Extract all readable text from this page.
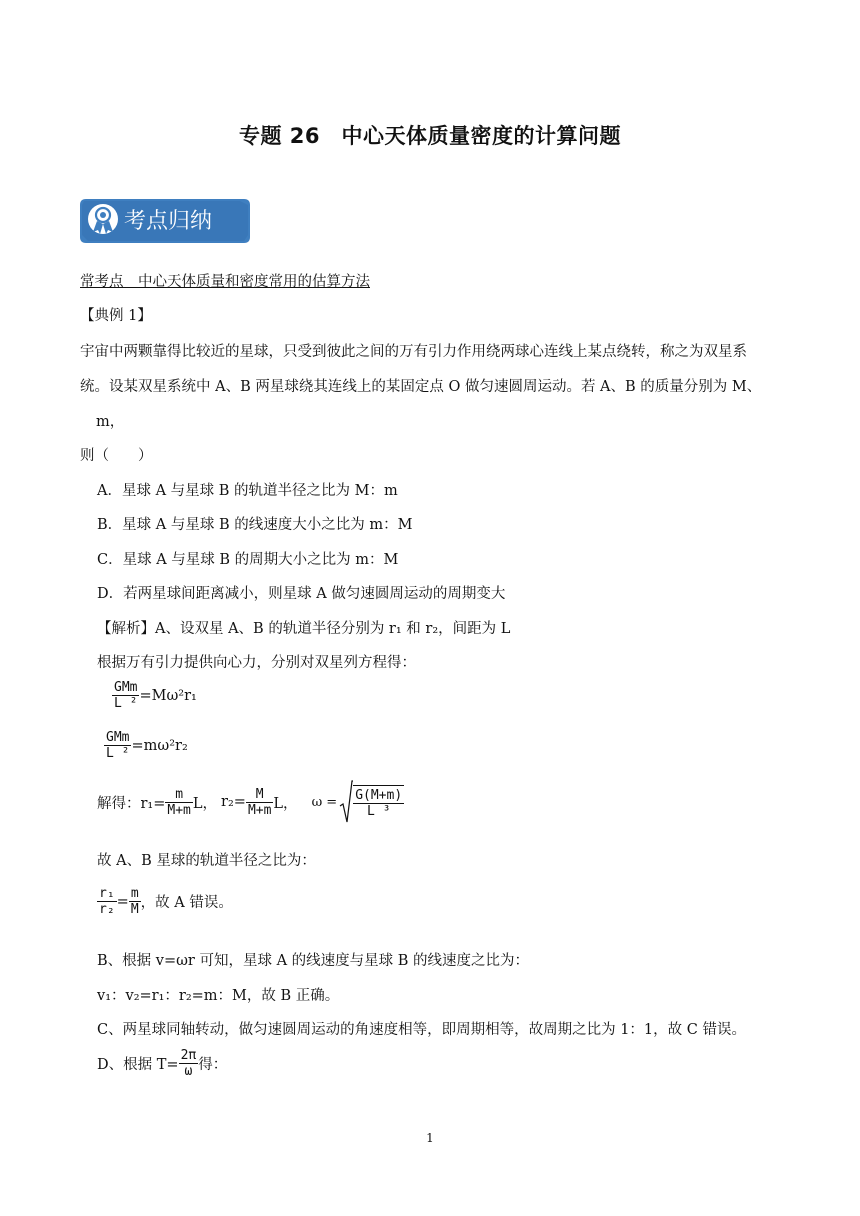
专题 26　中心天体质量密度的计算问题
考点归纳
常考点　中心天体质量和密度常用的估算方法
【典例 1】
宇宙中两颗靠得比较近的星球，只受到彼此之间的万有引力作用绕两球心连线上某点绕转，称之为双星系
统。设某双星系统中 A、B 两星球绕其连线上的某固定点 O 做匀速圆周运动。若 A、B 的质量分别为 M、
m，
则（　　）
A．星球 A 与星球 B 的轨道半径之比为 M：m
B．星球 A 与星球 B 的线速度大小之比为 m：M
C．星球 A 与星球 B 的周期大小之比为 m：M
D．若两星球间距离减小，则星球 A 做匀速圆周运动的周期变大
【解析】A、设双星 A、B 的轨道半径分别为 r₁ 和 r₂，间距为 L
根据万有引力提供向心力，分别对双星列方程得：
$\frac{\text{GMm}}{\text{L ²}} =M\omega^2r_1$
$\frac{\text{GMm}}{\text{L ²}} =m\omega^2r_2$
解得：$r_1= \frac{m}{M+m}$ L， $r_2= \frac{M}{M+m}$ L， $\omega = \frac{G(M+m)}{\text{L ³}}$
故 A、B 星球的轨道半径之比为：
$\frac{\text{r₁}}{\text{r₂}} = \frac{m}{M}$ ，故 A 错误。
B、根据 v=ωr 可知，星球 A 的线速度与星球 B 的线速度之比为：
v₁：v₂=r₁：r₂=m：M，故 B 正确。
C、两星球同轴转动，做匀速圆周运动的角速度相等，即周期相等，故周期之比为 1：1，故 C 错误。
D、根据 $T= \frac{2\pi}{\omega}$ 得：
1
